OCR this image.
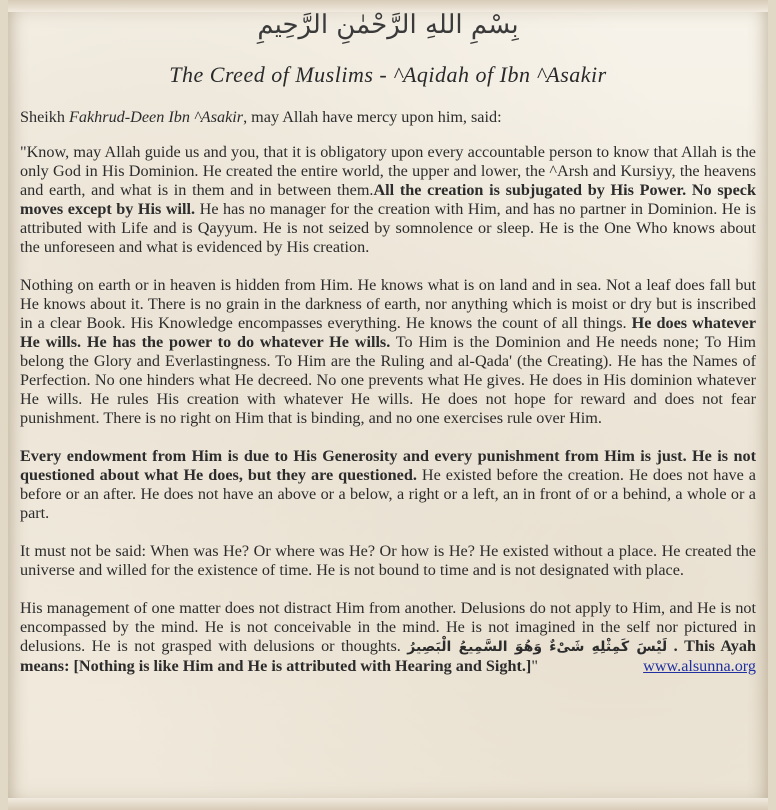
بِسْمِ اللهِ الرَّحْمٰنِ الرَّحِيمِ
The Creed of Muslims - ^Aqidah of Ibn ^Asakir

Sheikh Fakhrud-Deen Ibn ^Asakir, may Allah have mercy upon him, said:

"Know, may Allah guide us and you, that it is obligatory upon every accountable person to know that Allah is the only God in His Dominion. He created the entire world, the upper and lower, the ^Arsh and Kursiyy, the heavens and earth, and what is in them and in between them.All the creation is subjugated by His Power. No speck moves except by His will. He has no manager for the creation with Him, and has no partner in Dominion. He is attributed with Life and is Qayyum. He is not seized by somnolence or sleep. He is the One Who knows about the unforeseen and what is evidenced by His creation.

Nothing on earth or in heaven is hidden from Him. He knows what is on land and in sea. Not a leaf does fall but He knows about it. There is no grain in the darkness of earth, nor anything which is moist or dry but is inscribed in a clear Book. His Knowledge encompasses everything. He knows the count of all things. He does whatever He wills. He has the power to do whatever He wills. To Him is the Dominion and He needs none; To Him belong the Glory and Everlastingness. To Him are the Ruling and al-Qada' (the Creating). He has the Names of Perfection. No one hinders what He decreed. No one prevents what He gives. He does in His dominion whatever He wills. He rules His creation with whatever He wills. He does not hope for reward and does not fear punishment. There is no right on Him that is binding, and no one exercises rule over Him.

Every endowment from Him is due to His Generosity and every punishment from Him is just. He is not questioned about what He does, but they are questioned. He existed before the creation. He does not have a before or an after. He does not have an above or a below, a right or a left, an in front of or a behind, a whole or a part.

It must not be said: When was He? Or where was He? Or how is He? He existed without a place. He created the universe and willed for the existence of time. He is not bound to time and is not designated with place.

His management of one matter does not distract Him from another. Delusions do not apply to Him, and He is not encompassed by the mind. He is not conceivable in the mind. He is not imagined in the self nor pictured in delusions. He is not grasped with delusions or thoughts. لَيْسَ كَمِثْلِهِ شَىْءٌ وَهُوَ السَّمِيعُ الْبَصِيرُ . This Ayah means: [Nothing is like Him and He is attributed with Hearing and Sight.]"	www.alsunna.org
